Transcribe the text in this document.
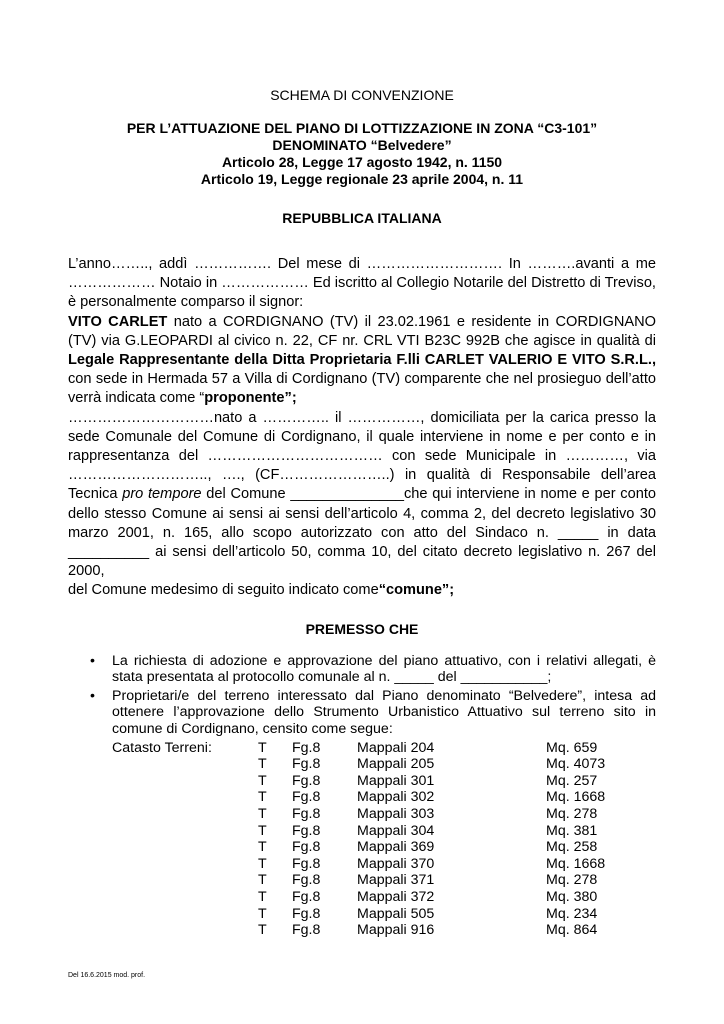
SCHEMA DI CONVENZIONE
PER L’ATTUAZIONE DEL PIANO DI LOTTIZZAZIONE IN ZONA “C3-101”
DENOMINATO “Belvedere”
Articolo 28, Legge 17 agosto 1942, n. 1150
Articolo 19, Legge regionale 23 aprile 2004, n. 11
REPUBBLICA ITALIANA

L’anno…….., addì ……………. Del mese di ………………………. In ……….avanti a me ……………… Notaio in ……………… Ed iscritto al Collegio Notarile del Distretto di Treviso, è personalmente comparso il signor:
VITO CARLET nato a CORDIGNANO (TV) il 23.02.1961 e residente in CORDIGNANO (TV) via G.LEOPARDI al civico n. 22, CF nr. CRL VTI B23C 992B che agisce in qualità di Legale Rappresentante della Ditta Proprietaria F.lli CARLET VALERIO E VITO S.R.L., con sede in Hermada 57 a Villa di Cordignano (TV) comparente che nel prosieguo dell’atto verrà indicata come “proponente”;
…………………………nato a ………….. il ……………, domiciliata per la carica presso la sede Comunale del Comune di Cordignano, il quale interviene in nome e per conto e in rappresentanza del ……………………………… con sede Municipale in …………, via ……………………….., …., (CF…………………..) in qualità di Responsabile dell’area Tecnica pro tempore del Comune ______________che qui interviene in nome e per conto dello stesso Comune ai sensi ai sensi dell’articolo 4, comma 2, del decreto legislativo 30 marzo 2001, n. 165, allo scopo autorizzato con atto del Sindaco n. _____ in data __________ ai sensi dell’articolo 50, comma 10, del citato decreto legislativo n. 267 del 2000,
del Comune medesimo di seguito indicato come“comune”;

PREMESSO CHE
• La richiesta di adozione e approvazione del piano attuativo, con i relativi allegati, è stata presentata al protocollo comunale al n. _____ del ___________;
• Proprietari/e del terreno interessato dal Piano denominato “Belvedere”, intesa ad ottenere l’approvazione dello Strumento Urbanistico Attuativo sul terreno sito in comune di Cordignano, censito come segue:
Catasto Terreni:	T	Fg.8	Mappali 204	Mq. 659
	T	Fg.8	Mappali 205	Mq. 4073
	T	Fg.8	Mappali 301	Mq. 257
	T	Fg.8	Mappali 302	Mq. 1668
	T	Fg.8	Mappali 303	Mq. 278
	T	Fg.8	Mappali 304	Mq. 381
	T	Fg.8	Mappali 369	Mq. 258
	T	Fg.8	Mappali 370	Mq. 1668
	T	Fg.8	Mappali 371	Mq. 278
	T	Fg.8	Mappali 372	Mq. 380
	T	Fg.8	Mappali 505	Mq. 234
	T	Fg.8	Mappali 916	Mq. 864
Del 16.6.2015 mod. prof.
